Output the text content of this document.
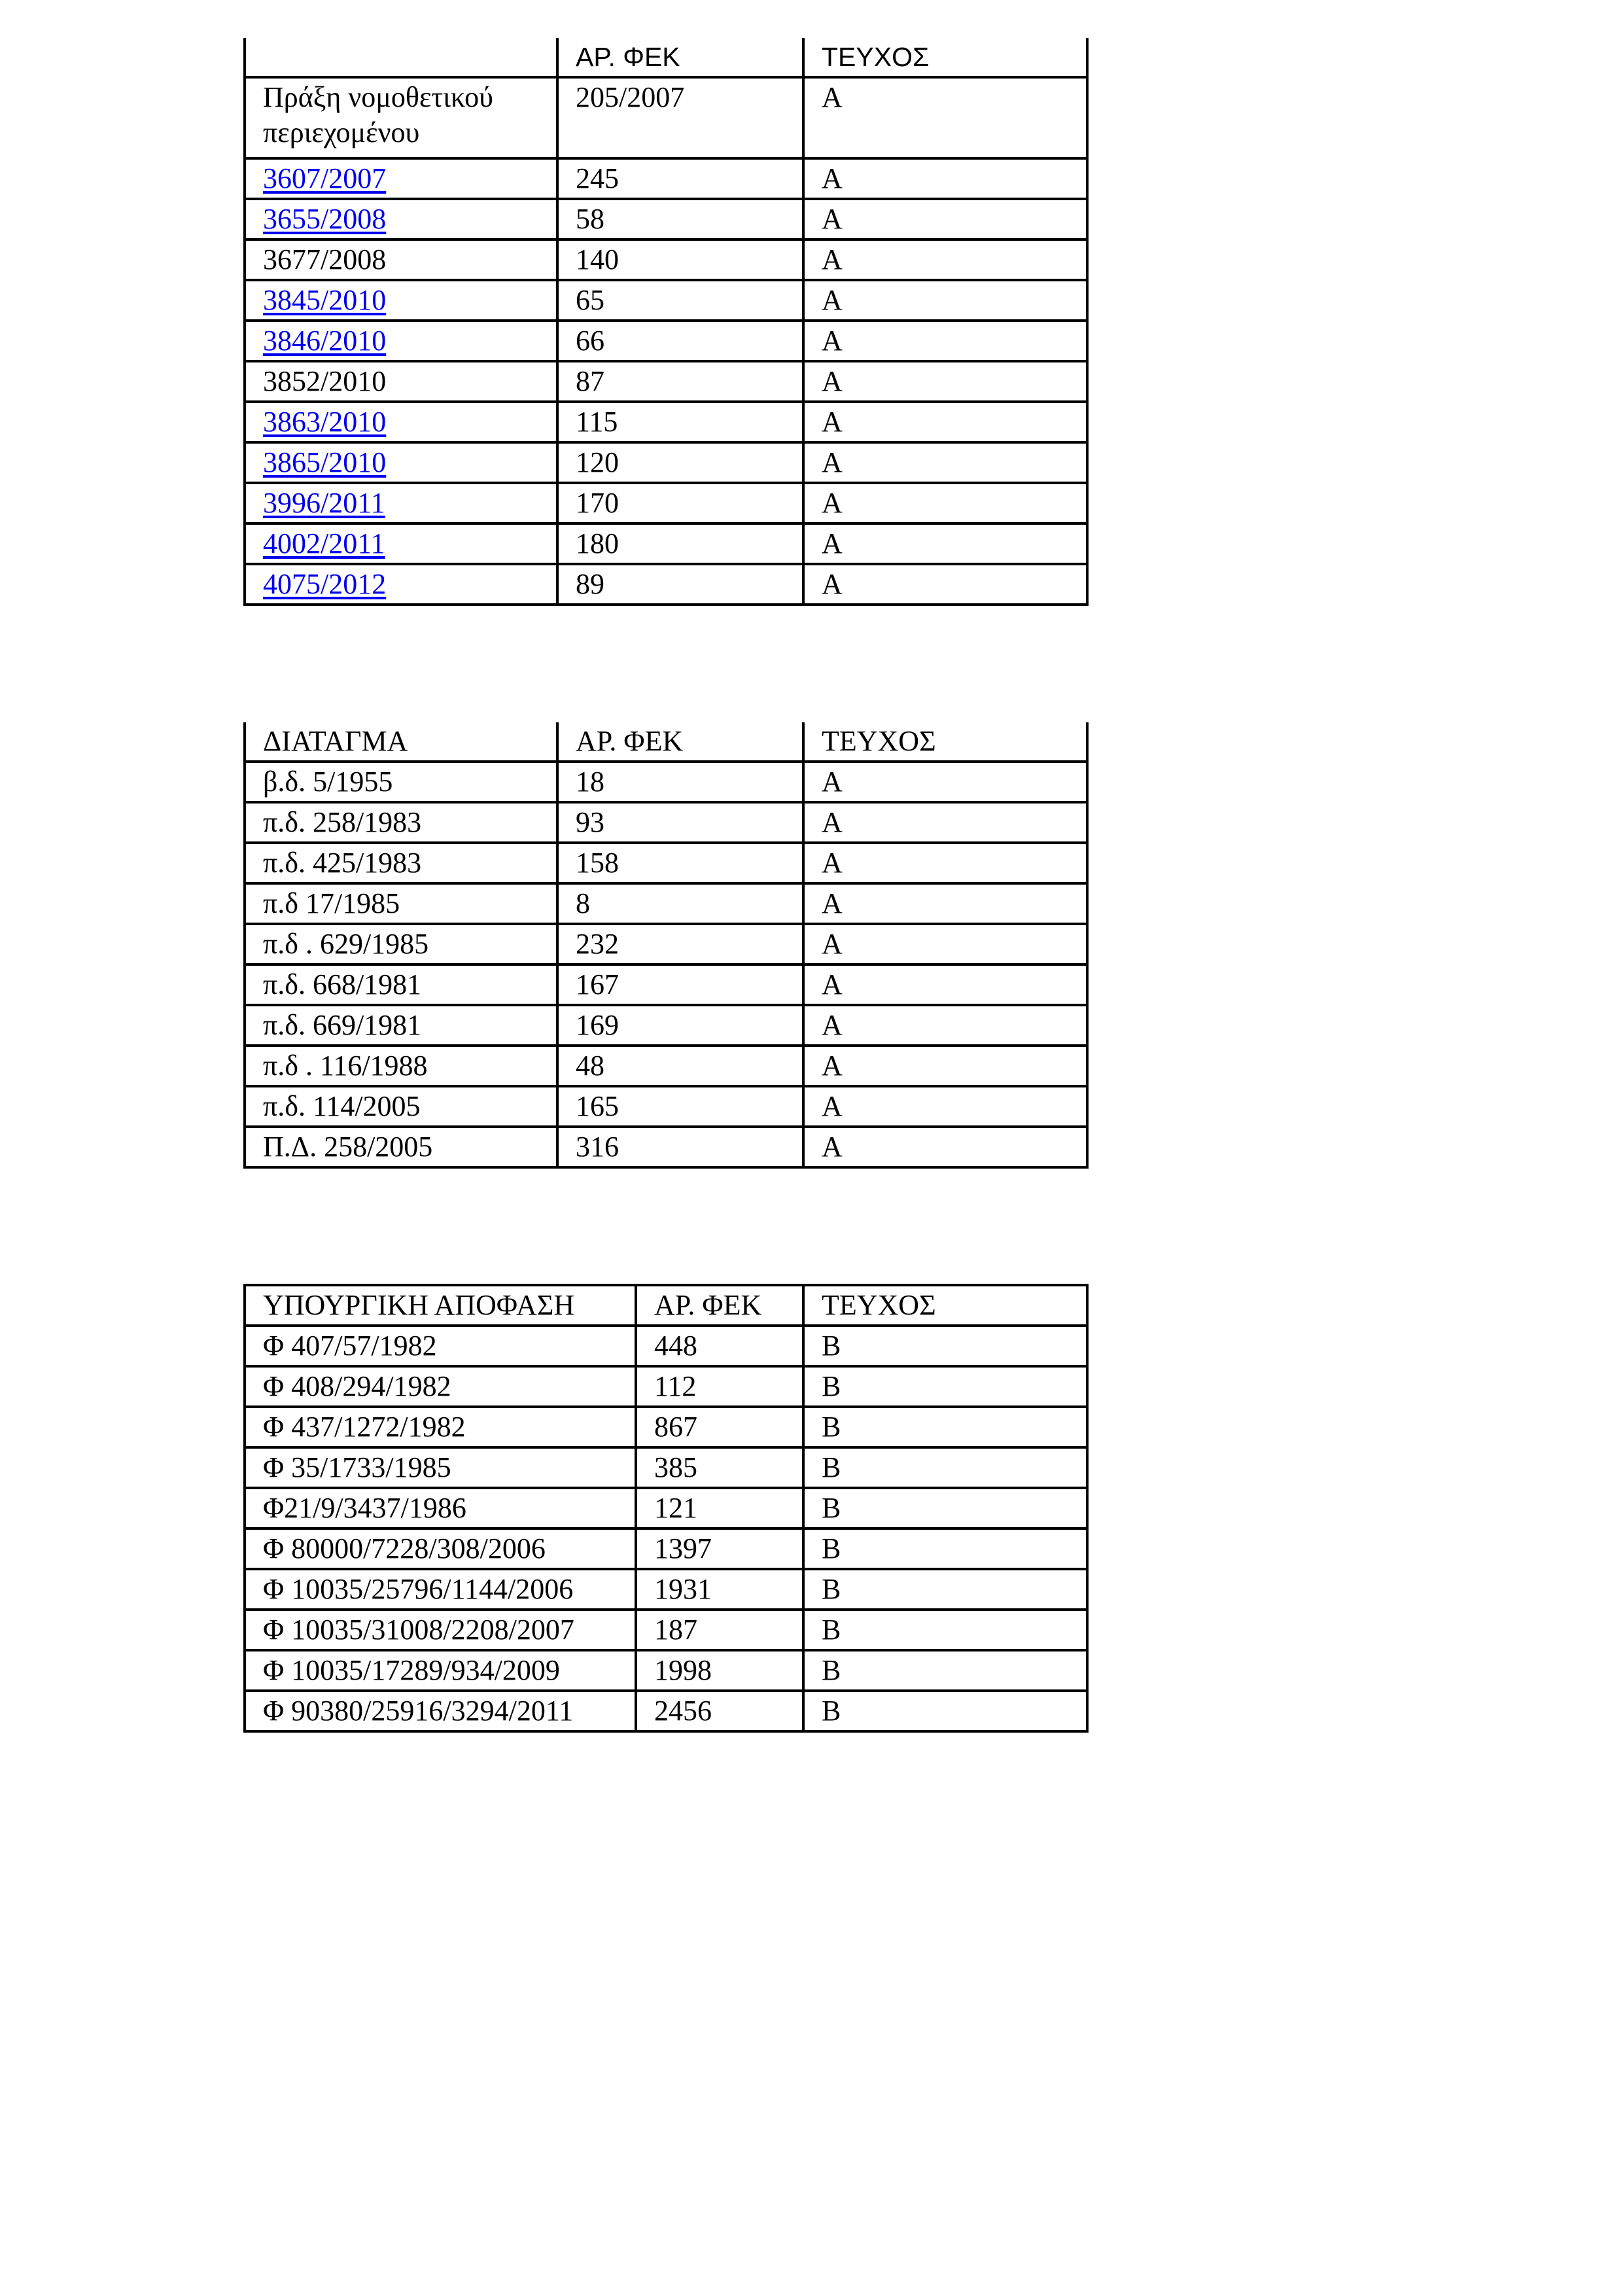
	ΑΡ. ΦΕΚ	ΤΕΥΧΟΣ
Πράξη νομοθετικού περιεχομένου	205/2007	Α
3607/2007	245	Α
3655/2008	58	Α
3677/2008	140	Α
3845/2010	65	Α
3846/2010	66	Α
3852/2010	87	Α
3863/2010	115	Α
3865/2010	120	Α
3996/2011	170	Α
4002/2011	180	Α
4075/2012	89	Α
ΔΙΑΤΑΓΜΑ	ΑΡ. ΦΕΚ	ΤΕΥΧΟΣ
β.δ. 5/1955	18	Α
π.δ. 258/1983	93	Α
π.δ. 425/1983	158	Α
π.δ 17/1985	8	Α
π.δ . 629/1985	232	Α
π.δ. 668/1981	167	Α
π.δ. 669/1981	169	Α
π.δ . 116/1988	48	Α
π.δ. 114/2005	165	Α
Π.Δ. 258/2005	316	Α
ΥΠΟΥΡΓΙΚΗ ΑΠΟΦΑΣΗ	ΑΡ. ΦΕΚ	ΤΕΥΧΟΣ
Φ 407/57/1982	448	Β
Φ 408/294/1982	112	Β
Φ 437/1272/1982	867	Β
Φ 35/1733/1985	385	Β
Φ21/9/3437/1986	121	Β
Φ 80000/7228/308/2006	1397	Β
Φ 10035/25796/1144/2006	1931	Β
Φ 10035/31008/2208/2007	187	Β
Φ 10035/17289/934/2009	1998	Β
Φ 90380/25916/3294/2011	2456	Β
